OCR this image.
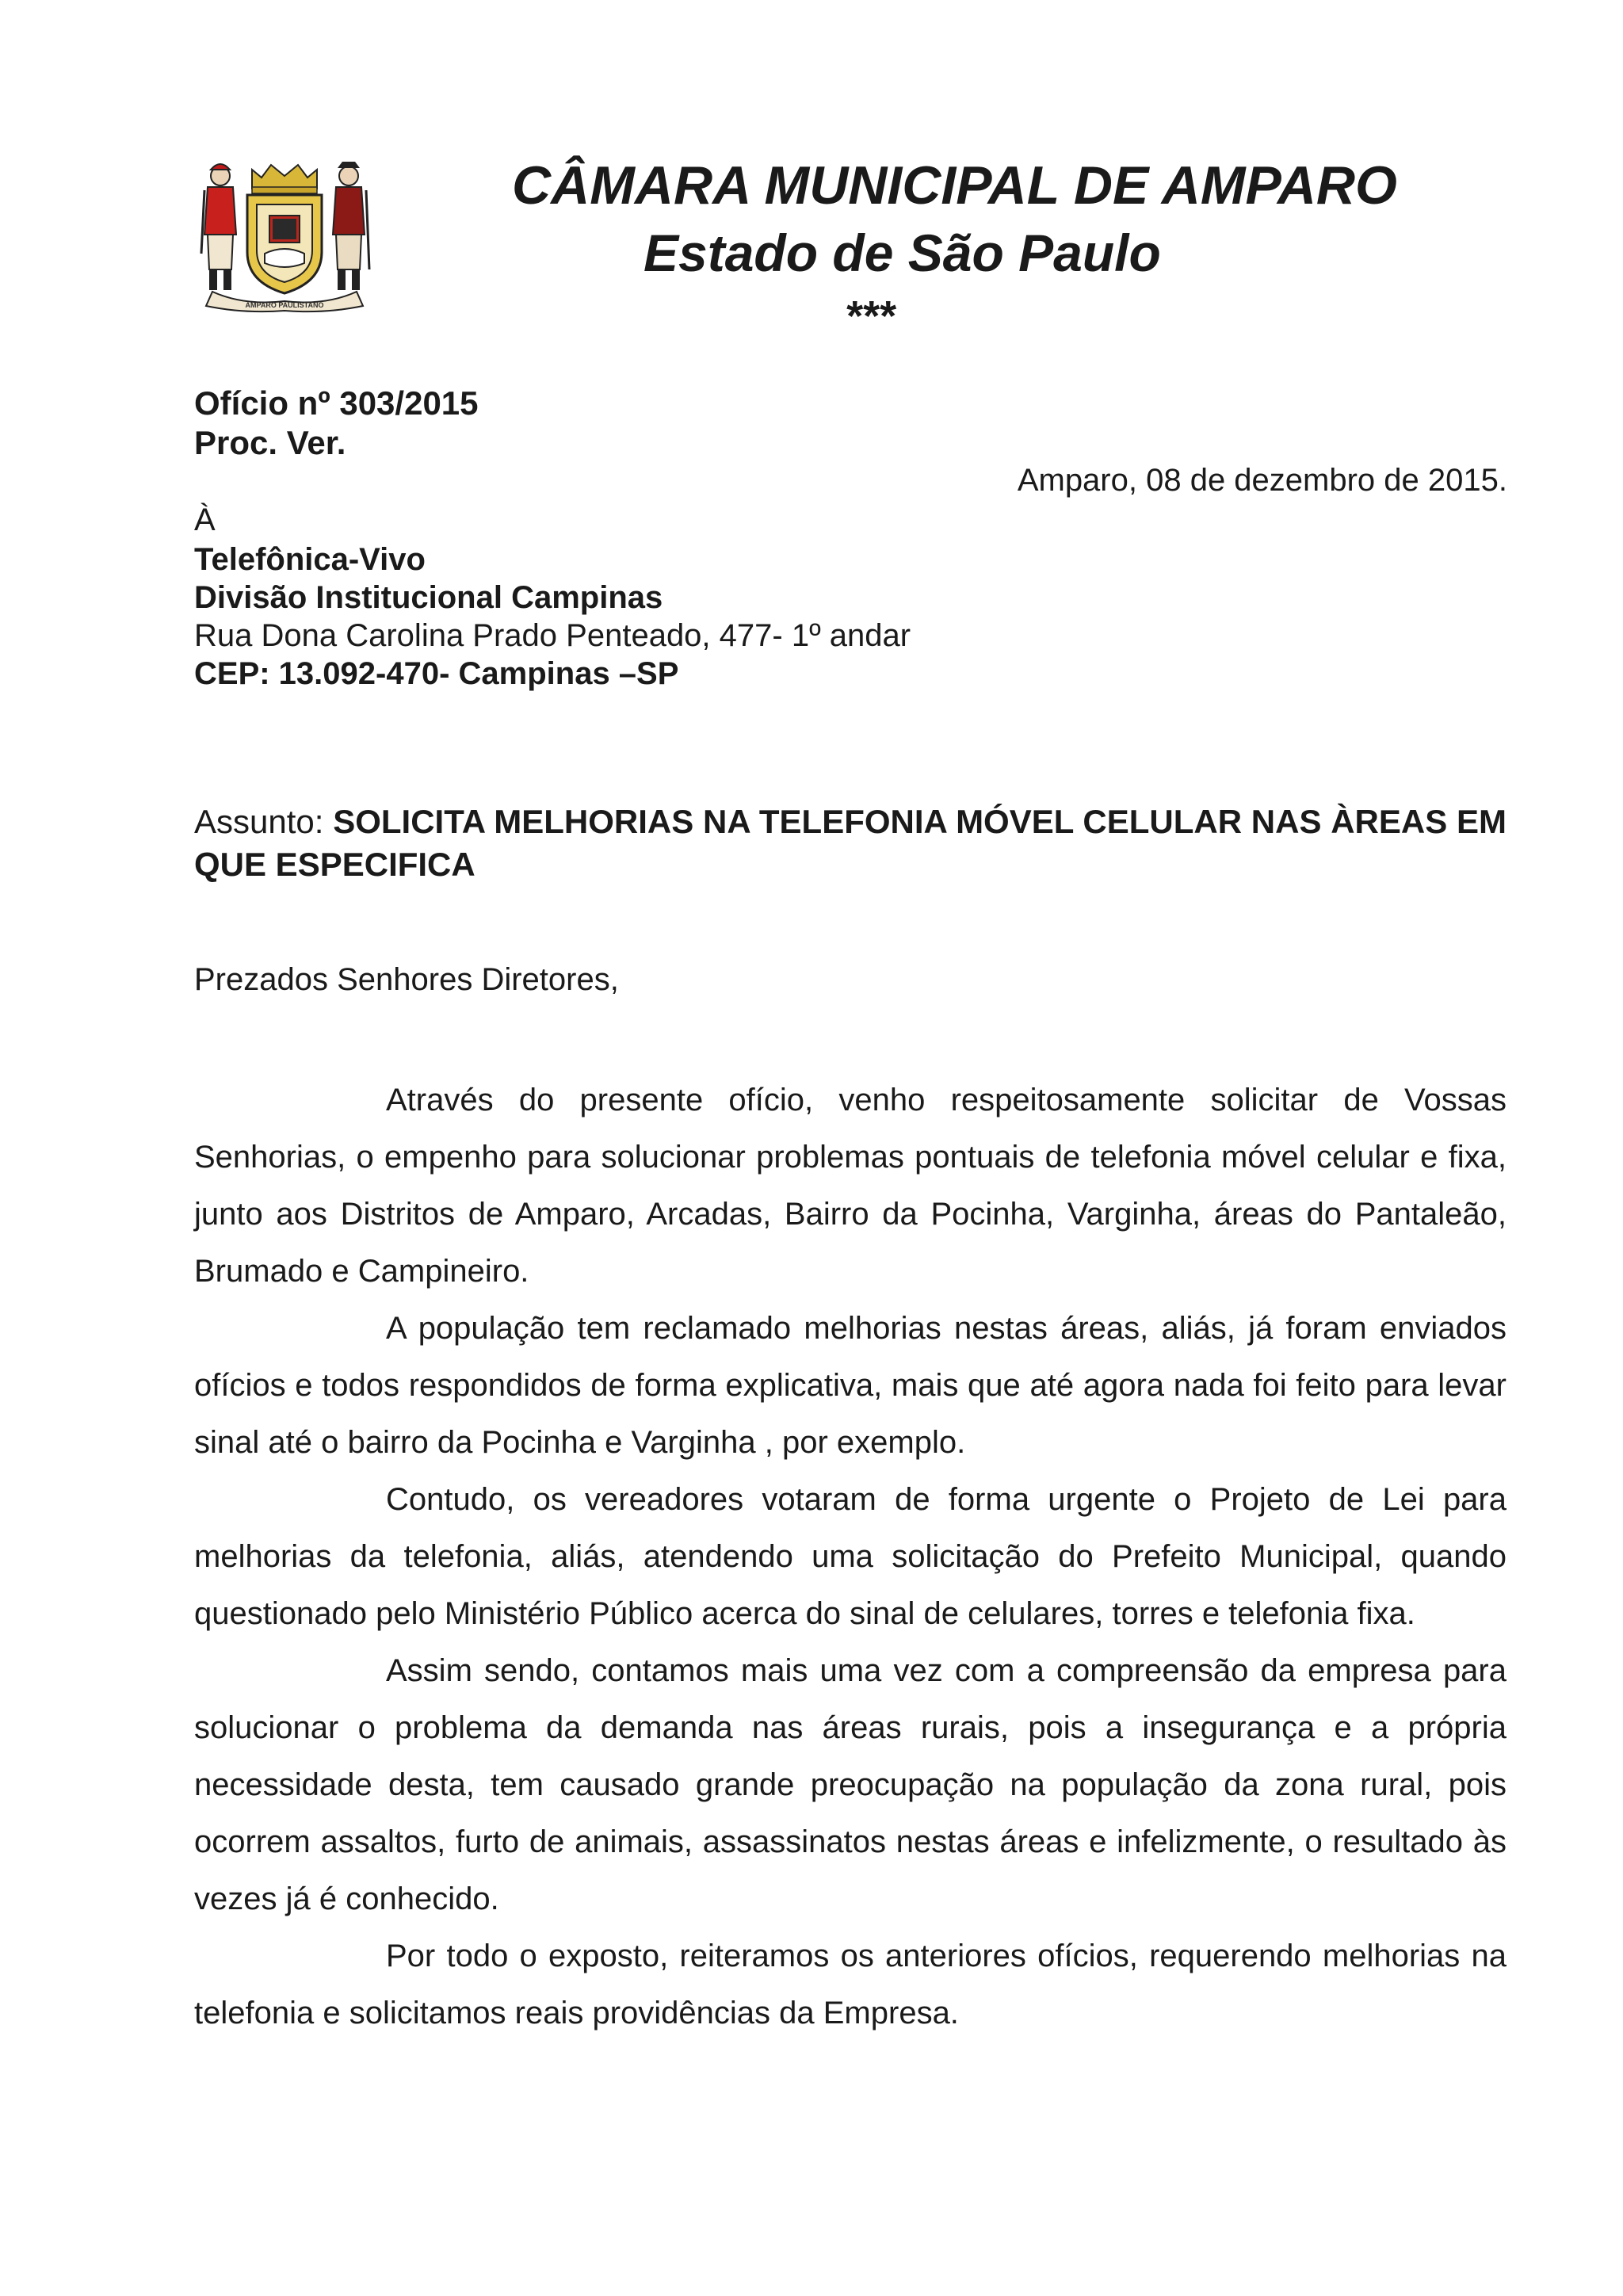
AMPARO PAULISTANO
CÂMARA MUNICIPAL DE AMPARO
Estado de São Paulo
***
Ofício nº 303/2015
Proc. Ver.
Amparo, 08 de dezembro de 2015.
À
Telefônica-Vivo
Divisão Institucional Campinas
Rua Dona Carolina Prado Penteado, 477- 1º andar
CEP: 13.092-470- Campinas –SP
Assunto: SOLICITA MELHORIAS NA TELEFONIA MÓVEL CELULAR NAS ÀREAS EM QUE ESPECIFICA
Prezados Senhores Diretores,

Através do presente ofício, venho respeitosamente solicitar de Vossas Senhorias, o empenho para solucionar problemas pontuais de telefonia móvel celular e fixa, junto aos Distritos de Amparo, Arcadas, Bairro da Pocinha, Varginha, áreas do Pantaleão, Brumado e Campineiro.

A população tem reclamado melhorias nestas áreas, aliás, já foram enviados ofícios e todos respondidos de forma explicativa, mais que até agora nada foi feito para levar sinal até o bairro da Pocinha e Varginha , por exemplo.

Contudo, os vereadores votaram de forma urgente o Projeto de Lei para melhorias da telefonia, aliás, atendendo uma solicitação do Prefeito Municipal, quando questionado pelo Ministério Público acerca do sinal de celulares, torres e telefonia fixa.

Assim sendo, contamos mais uma vez com a compreensão da empresa para solucionar o problema da demanda nas áreas rurais, pois a insegurança e a própria necessidade desta, tem causado grande preocupação na população da zona rural, pois ocorrem assaltos, furto de animais, assassinatos nestas áreas e infelizmente, o resultado às vezes já é conhecido.

Por todo o exposto, reiteramos os anteriores ofícios, requerendo melhorias na telefonia e solicitamos reais providências da Empresa.
